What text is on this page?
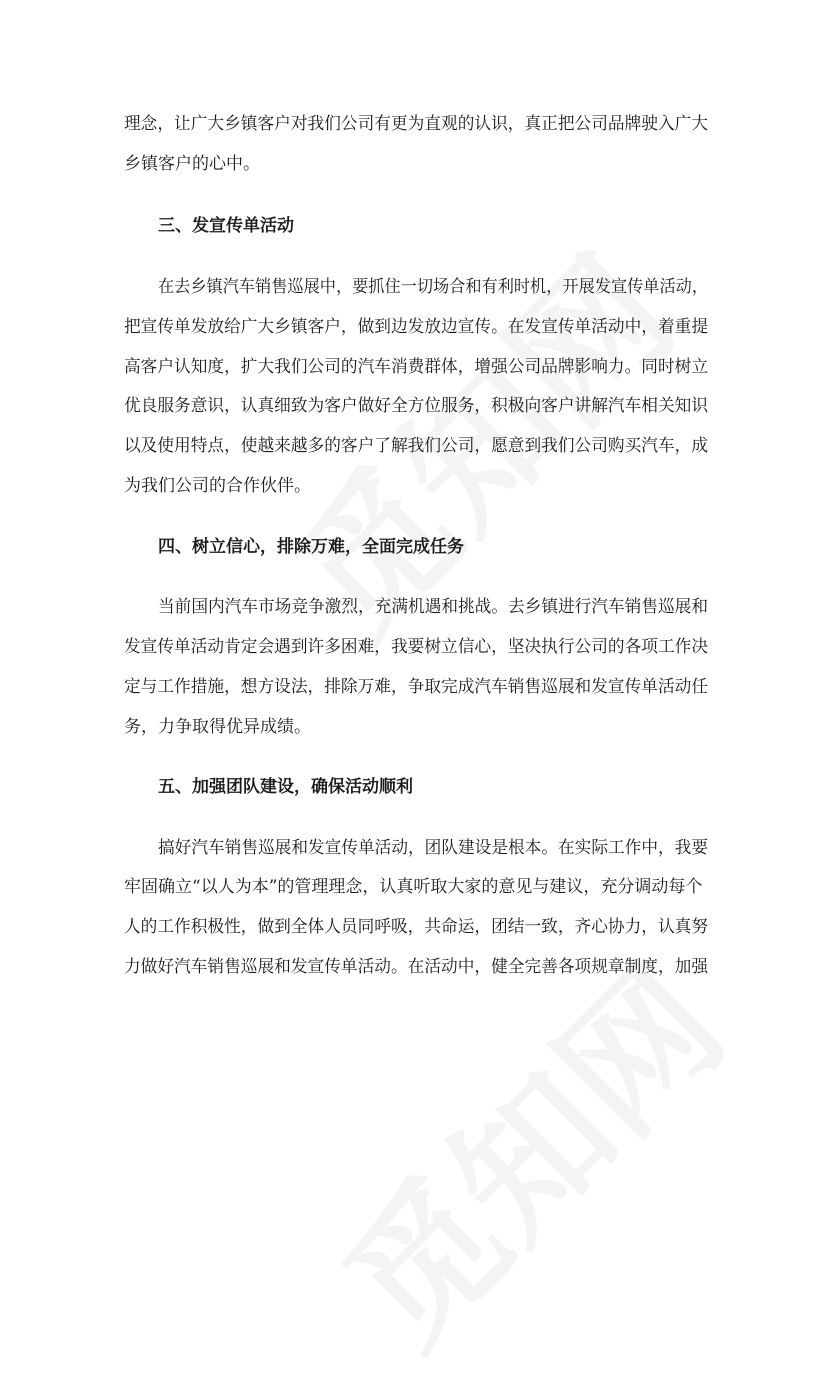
理念，让广大乡镇客户对我们公司有更为直观的认识，真正把公司品牌驶入广大
乡镇客户的心中。
三、发宣传单活动
在去乡镇汽车销售巡展中，要抓住一切场合和有利时机，开展发宣传单活动，
把宣传单发放给广大乡镇客户，做到边发放边宣传。在发宣传单活动中，着重提
高客户认知度，扩大我们公司的汽车消费群体，增强公司品牌影响力。同时树立
优良服务意识，认真细致为客户做好全方位服务，积极向客户讲解汽车相关知识
以及使用特点，使越来越多的客户了解我们公司，愿意到我们公司购买汽车，成
为我们公司的合作伙伴。
四、树立信心，排除万难，全面完成任务
当前国内汽车市场竞争激烈，充满机遇和挑战。去乡镇进行汽车销售巡展和
发宣传单活动肯定会遇到许多困难，我要树立信心，坚决执行公司的各项工作决
定与工作措施，想方设法，排除万难，争取完成汽车销售巡展和发宣传单活动任
务，力争取得优异成绩。
五、加强团队建设，确保活动顺利
搞好汽车销售巡展和发宣传单活动，团队建设是根本。在实际工作中，我要
牢固确立“以人为本”的管理理念，认真听取大家的意见与建议，充分调动每个
人的工作积极性，做到全体人员同呼吸，共命运，团结一致，齐心协力，认真努
力做好汽车销售巡展和发宣传单活动。在活动中，健全完善各项规章制度，加强
